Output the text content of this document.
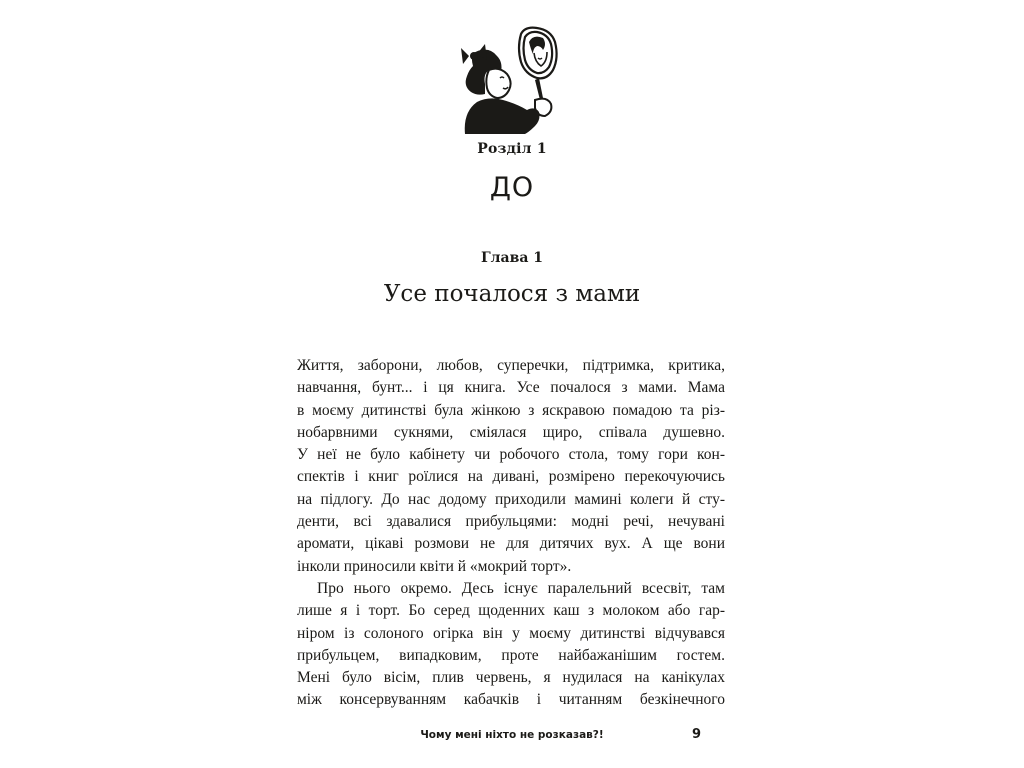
Розділ 1
ДО
Глава 1
Усе почалося з мами
Життя, заборони, любов, суперечки, підтримка, критика,
навчання, бунт... і ця книга. Усе почалося з мами. Мама
в моєму дитинстві була жінкою з яскравою помадою та різ-
нобарвними сукнями, сміялася щиро, співала душевно.
У неї не було кабінету чи робочого стола, тому гори кон-
спектів і книг роїлися на дивані, розмірено перекочуючись
на підлогу. До нас додому приходили мамині колеги й сту-
денти, всі здавалися прибульцями: модні речі, нечувані
аромати, цікаві розмови не для дитячих вух. А ще вони
інколи приносили квіти й «мокрий торт».
Про нього окремо. Десь існує паралельний всесвіт, там
лише я і торт. Бо серед щоденних каш з молоком або гар-
ніром із солоного огірка він у моєму дитинстві відчувався
прибульцем, випадковим, проте найбажанішим гостем.
Мені було вісім, плив червень, я нудилася на канікулах
між консервуванням кабачків і читанням безкінечного
Чому мені ніхто не розказав?!	9
